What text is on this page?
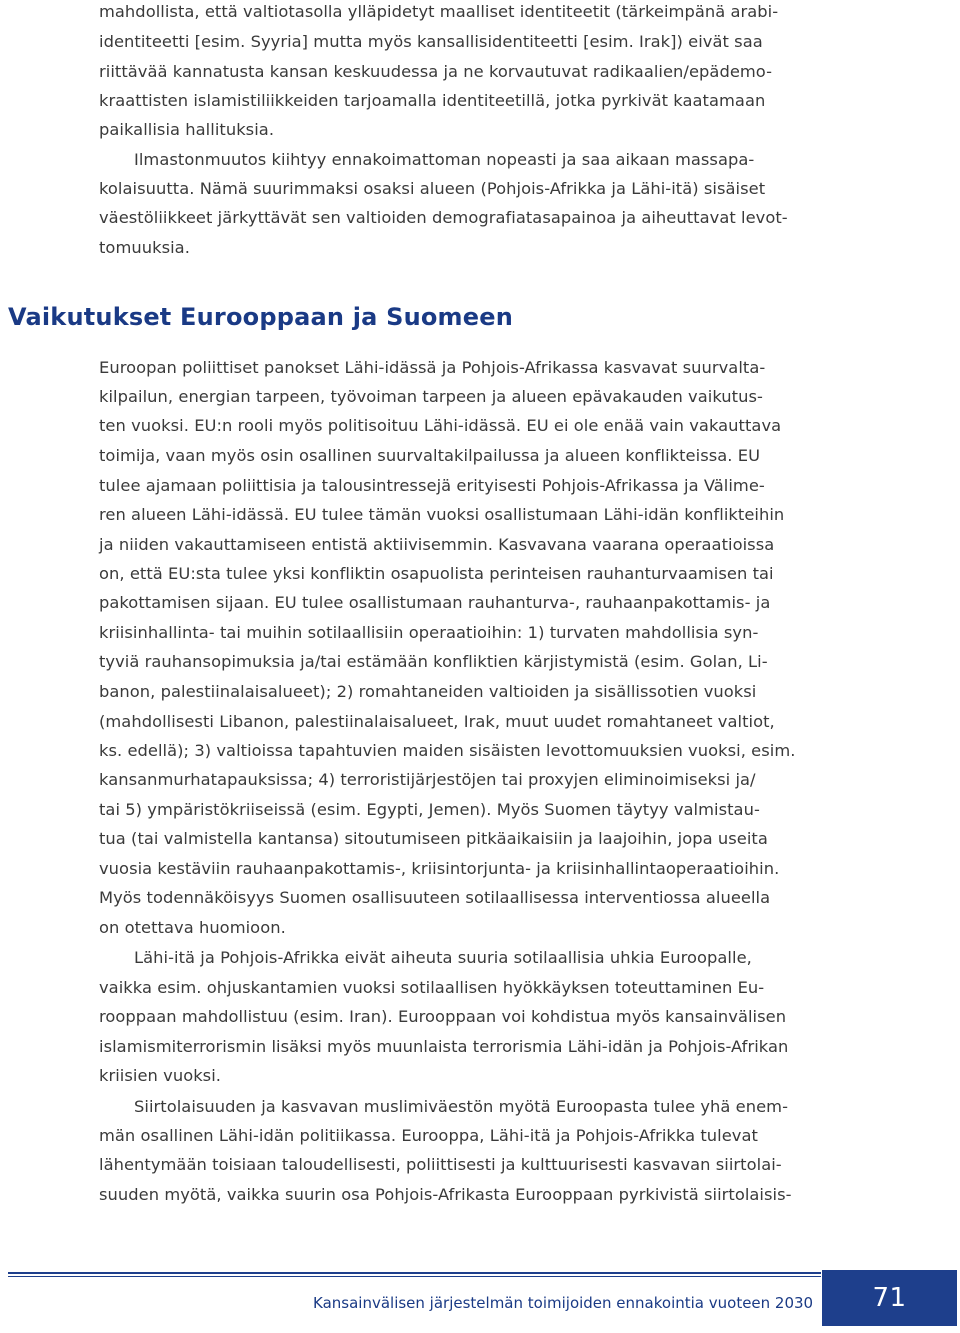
mahdollista, että valtiotasolla ylläpidetyt maalliset identiteetit (tärkeimpänä arabi-
identiteetti [esim. Syyria] mutta myös kansallisidentiteetti [esim. Irak]) eivät saa
riittävää kannatusta kansan keskuudessa ja ne korvautuvat radikaalien/epädemo-
kraattisten islamistiliikkeiden tarjoamalla identiteetillä, jotka pyrkivät kaatamaan
paikallisia hallituksia.
Ilmastonmuutos kiihtyy ennakoimattoman nopeasti ja saa aikaan massapa-
kolaisuutta. Nämä suurimmaksi osaksi alueen (Pohjois-Afrikka ja Lähi-itä) sisäiset
väestöliikkeet järkyttävät sen valtioiden demografiatasapainoa ja aiheuttavat levot-
tomuuksia.
Vaikutukset Eurooppaan ja Suomeen
Euroopan poliittiset panokset Lähi-idässä ja Pohjois-Afrikassa kasvavat suurvalta-
kilpailun, energian tarpeen, työvoiman tarpeen ja alueen epävakauden vaikutus-
ten vuoksi. EU:n rooli myös politisoituu Lähi-idässä. EU ei ole enää vain vakauttava
toimija, vaan myös osin osallinen suurvaltakilpailussa ja alueen konflikteissa. EU
tulee ajamaan poliittisia ja talousintressejä erityisesti Pohjois-Afrikassa ja Välime-
ren alueen Lähi-idässä. EU tulee tämän vuoksi osallistumaan Lähi-idän konflikteihin
ja niiden vakauttamiseen entistä aktiivisemmin. Kasvavana vaarana operaatioissa
on, että EU:sta tulee yksi konfliktin osapuolista perinteisen rauhanturvaamisen tai
pakottamisen sijaan. EU tulee osallistumaan rauhanturva-, rauhaanpakottamis- ja
kriisinhallinta- tai muihin sotilaallisiin operaatioihin: 1) turvaten mahdollisia syn-
tyviä rauhansopimuksia ja/tai estämään konfliktien kärjistymistä (esim. Golan, Li-
banon, palestiinalaisalueet); 2) romahtaneiden valtioiden ja sisällissotien vuoksi
(mahdollisesti Libanon, palestiinalaisalueet, Irak, muut uudet romahtaneet valtiot,
ks. edellä); 3) valtioissa tapahtuvien maiden sisäisten levottomuuksien vuoksi, esim.
kansanmurhatapauksissa; 4) terroristijärjestöjen tai proxyjen eliminoimiseksi ja/
tai 5) ympäristökriiseissä (esim. Egypti, Jemen). Myös Suomen täytyy valmistau-
tua (tai valmistella kantansa) sitoutumiseen pitkäaikaisiin ja laajoihin, jopa useita
vuosia kestäviin rauhaanpakottamis-, kriisintorjunta- ja kriisinhallintaoperaatioihin.
Myös todennäköisyys Suomen osallisuuteen sotilaallisessa interventiossa alueella
on otettava huomioon.
Lähi-itä ja Pohjois-Afrikka eivät aiheuta suuria sotilaallisia uhkia Euroopalle,
vaikka esim. ohjuskantamien vuoksi sotilaallisen hyökkäyksen toteuttaminen Eu-
rooppaan mahdollistuu (esim. Iran). Eurooppaan voi kohdistua myös kansainvälisen
islamismiterrorismin lisäksi myös muunlaista terrorismia Lähi-idän ja Pohjois-Afrikan
kriisien vuoksi.
Siirtolaisuuden ja kasvavan muslimiväestön myötä Euroopasta tulee yhä enem-
män osallinen Lähi-idän politiikassa. Eurooppa, Lähi-itä ja Pohjois-Afrikka tulevat
lähentymään toisiaan taloudellisesti, poliittisesti ja kulttuurisesti kasvavan siirtolai-
suuden myötä, vaikka suurin osa Pohjois-Afrikasta Eurooppaan pyrkivistä siirtolaisis-
Kansainvälisen järjestelmän toimijoiden ennakointia vuoteen 2030	71
